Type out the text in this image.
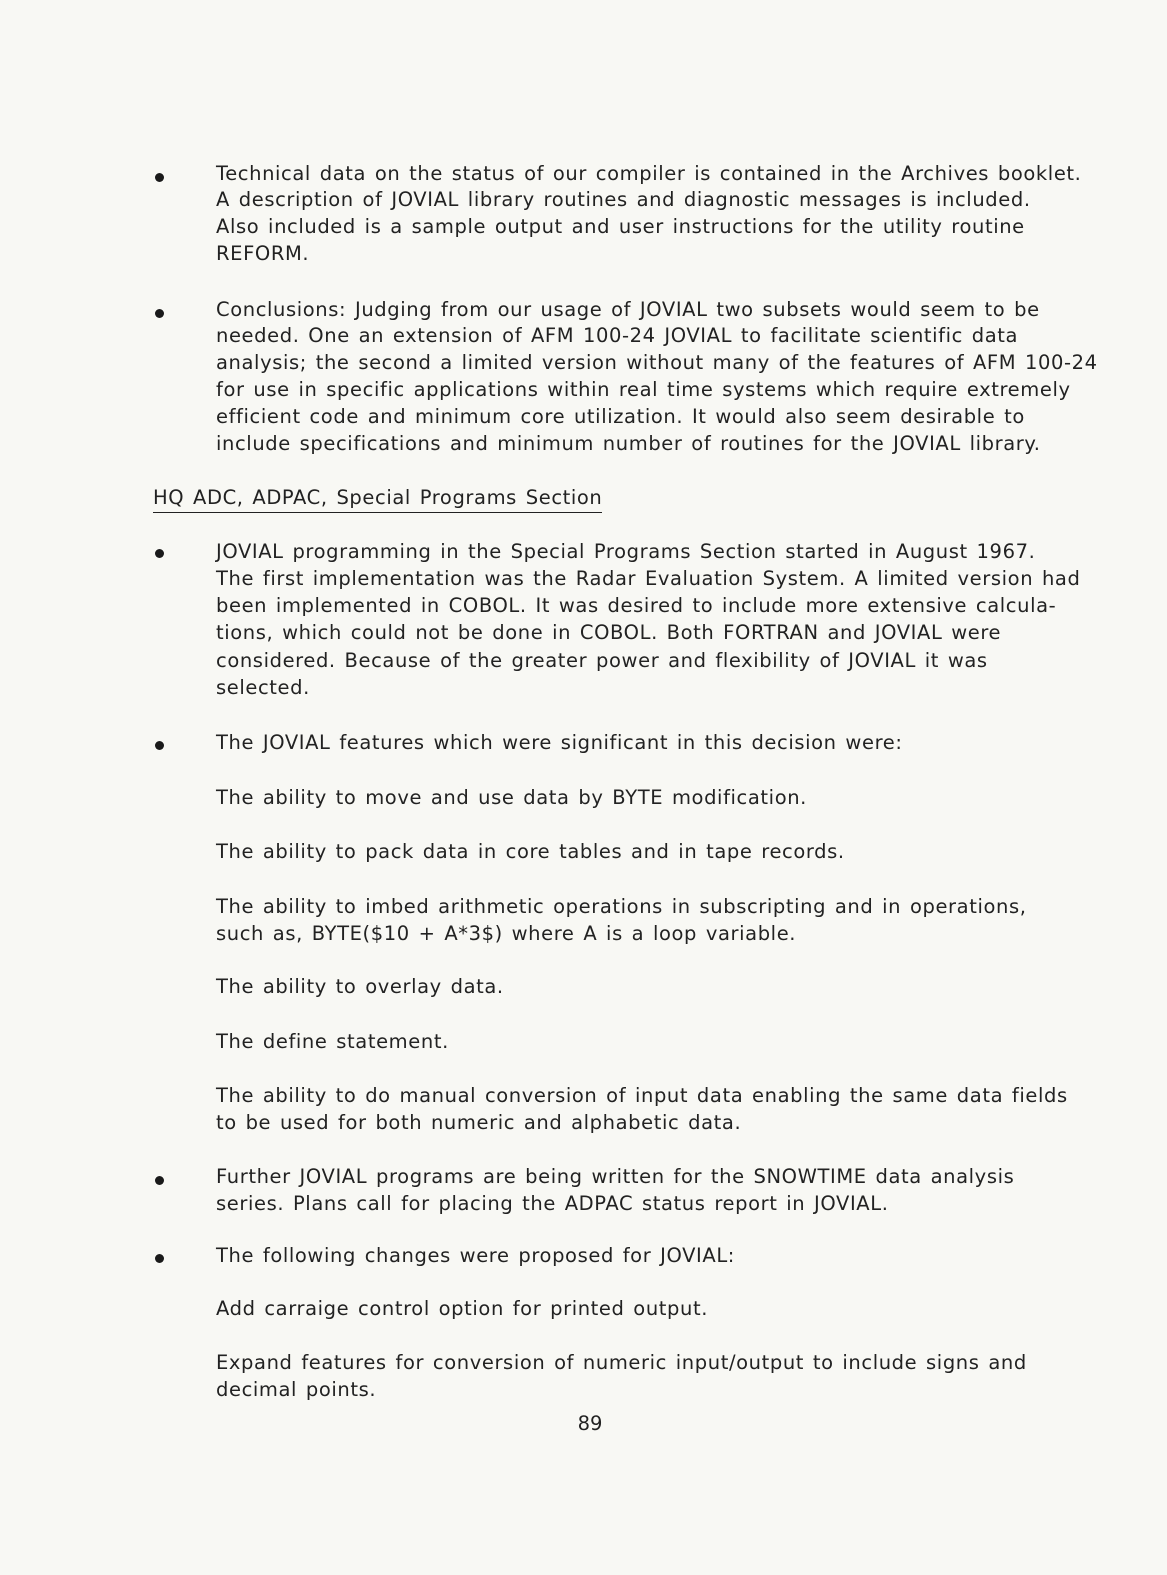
Technical data on the status of our compiler is contained in the Archives booklet.
A description of JOVIAL library routines and diagnostic messages is included.
Also included is a sample output and user instructions for the utility routine
REFORM.
Conclusions: Judging from our usage of JOVIAL two subsets would seem to be
needed. One an extension of AFM 100-24 JOVIAL to facilitate scientific data
analysis; the second a limited version without many of the features of AFM 100-24
for use in specific applications within real time systems which require extremely
efficient code and minimum core utilization. It would also seem desirable to
include specifications and minimum number of routines for the JOVIAL library.
HQ ADC, ADPAC, Special Programs Section
JOVIAL programming in the Special Programs Section started in August 1967.
The first implementation was the Radar Evaluation System. A limited version had
been implemented in COBOL. It was desired to include more extensive calcula-
tions, which could not be done in COBOL. Both FORTRAN and JOVIAL were
considered. Because of the greater power and flexibility of JOVIAL it was
selected.
The JOVIAL features which were significant in this decision were:
The ability to move and use data by BYTE modification.
The ability to pack data in core tables and in tape records.
The ability to imbed arithmetic operations in subscripting and in operations,
such as, BYTE($10 + A*3$) where A is a loop variable.
The ability to overlay data.
The define statement.
The ability to do manual conversion of input data enabling the same data fields
to be used for both numeric and alphabetic data.
Further JOVIAL programs are being written for the SNOWTIME data analysis
series. Plans call for placing the ADPAC status report in JOVIAL.
The following changes were proposed for JOVIAL:
Add carraige control option for printed output.
Expand features for conversion of numeric input/output to include signs and
decimal points.
89
